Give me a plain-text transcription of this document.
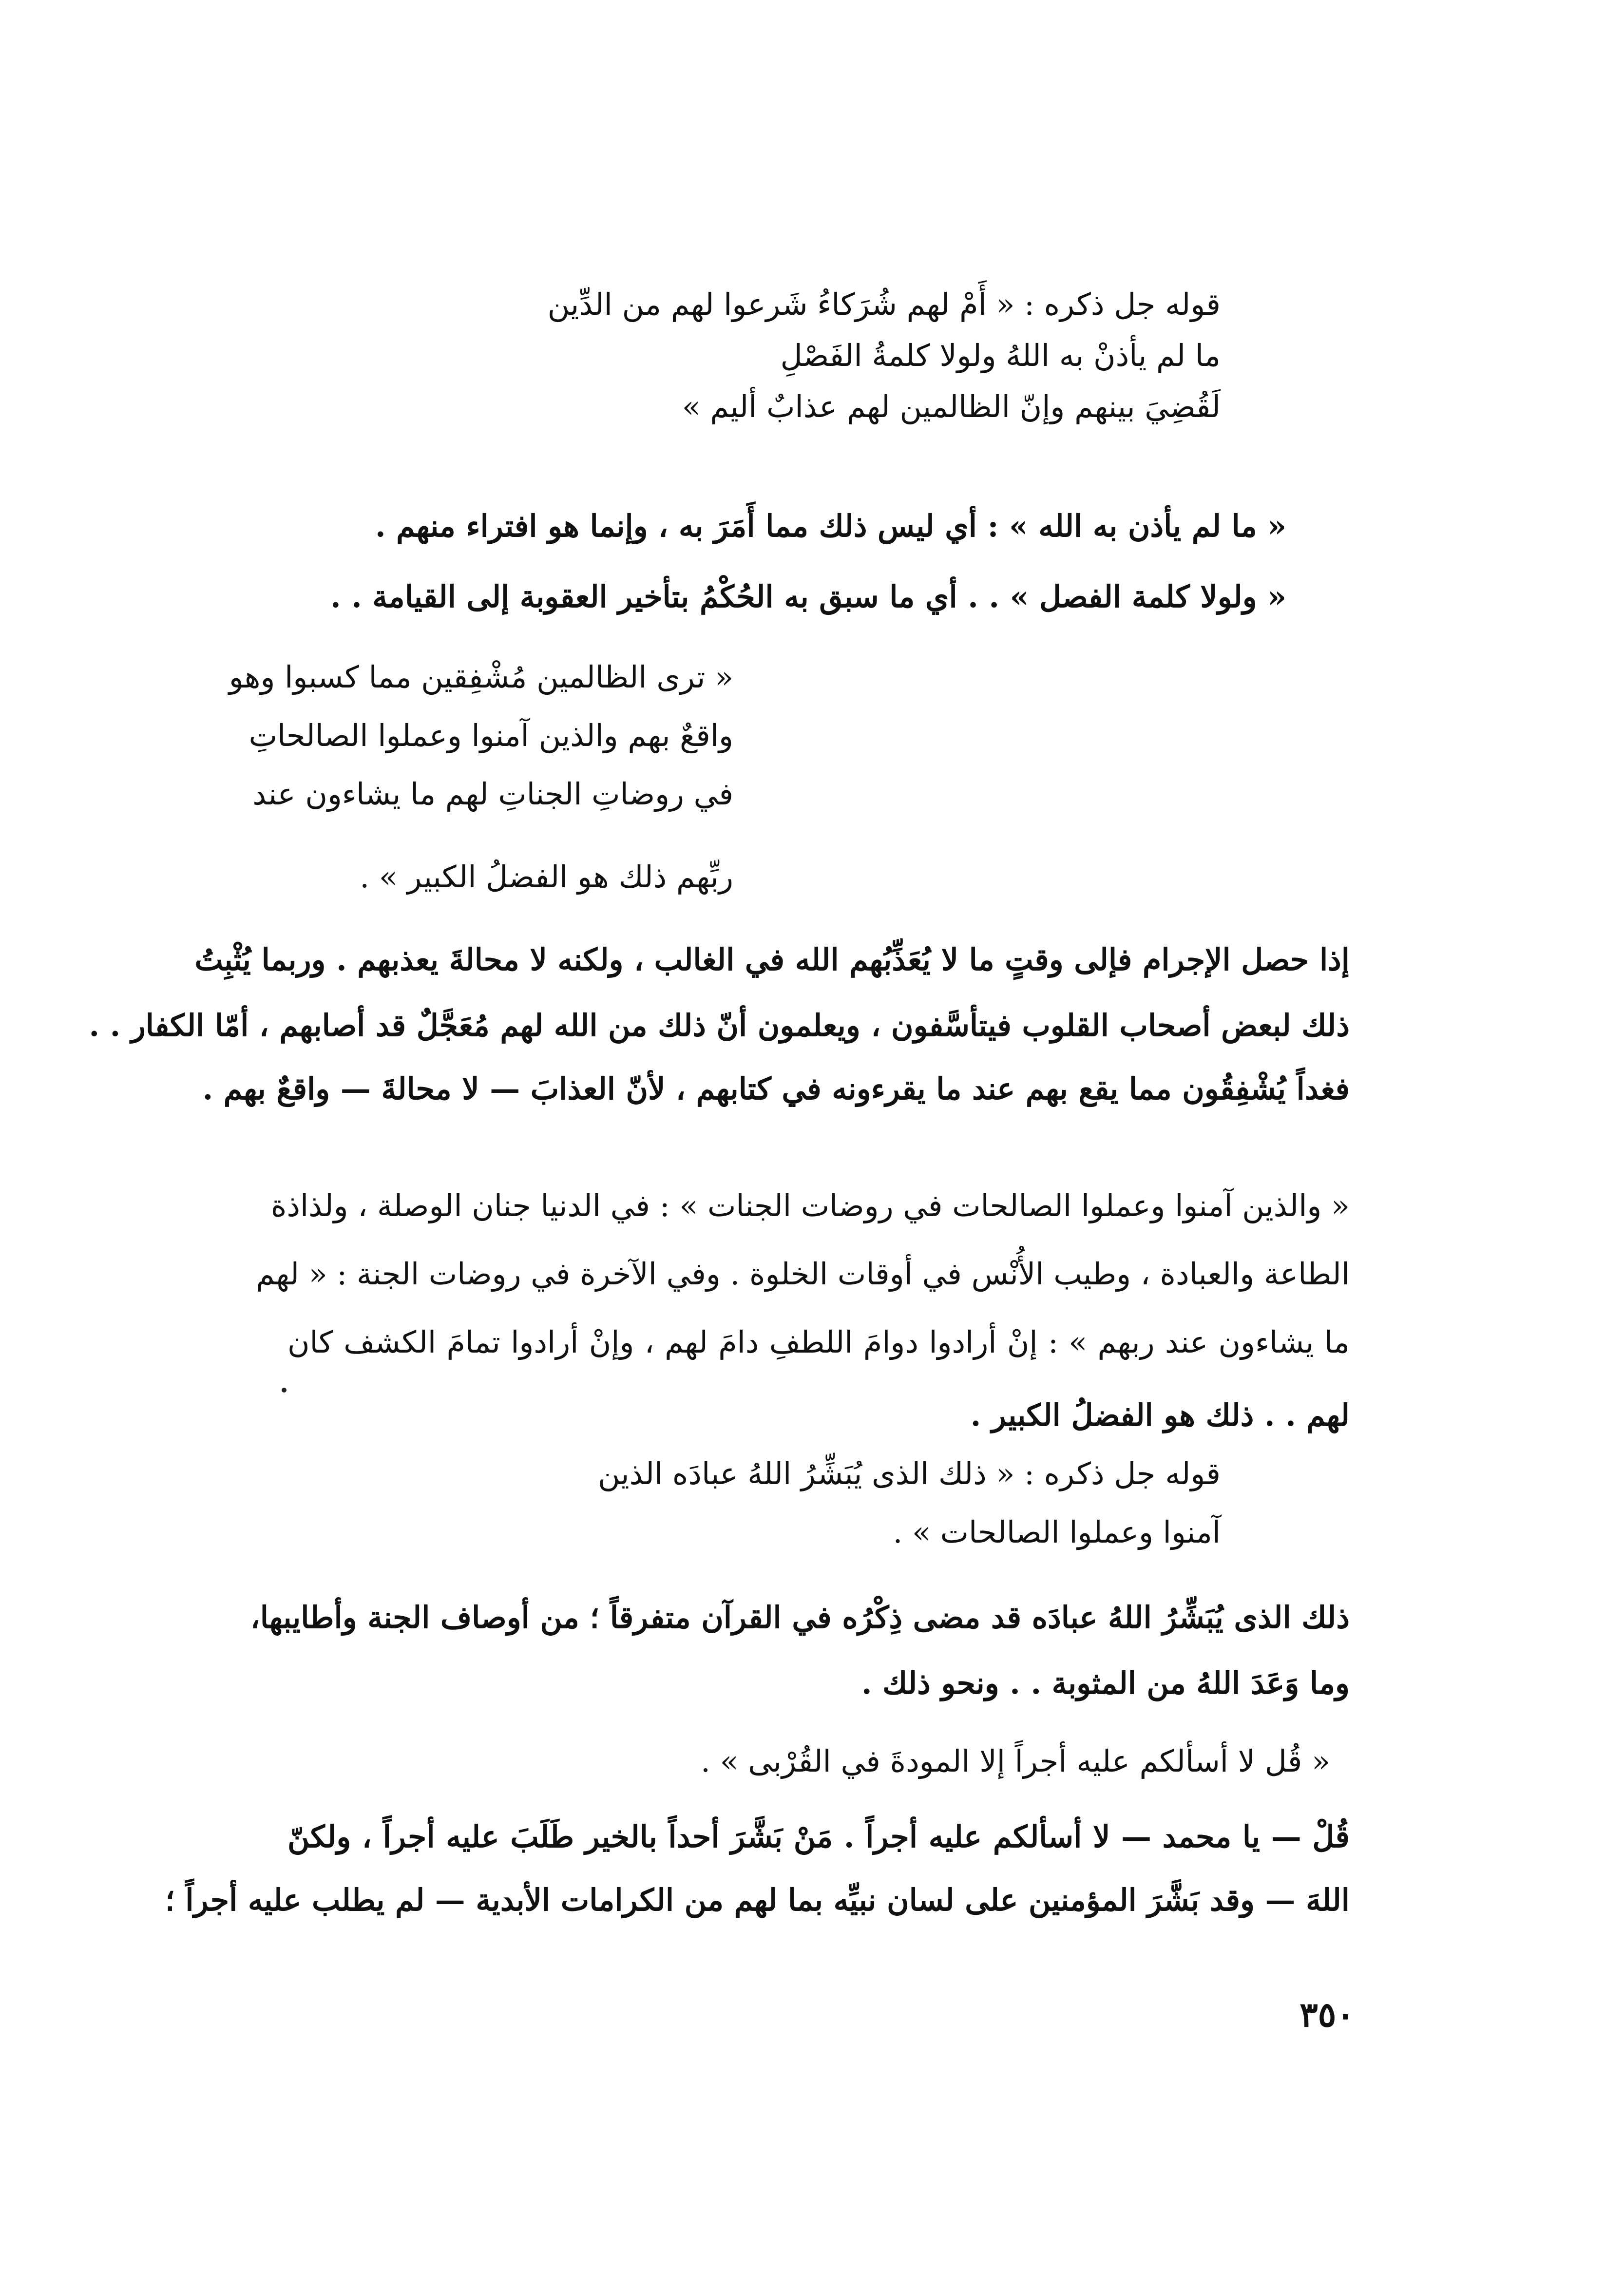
قوله جل ذكره : « أَمْ لهم شُرَكاءُ شَرعوا لهم من الدِّين
ما لم يأذنْ به اللهُ ولولا كلمةُ الفَصْلِ
لَقُضِيَ بينهم وإنّ الظالمين لهم عذابٌ أليم »
« ما لم يأذن به الله » : أي ليس ذلك مما أَمَرَ به ، وإنما هو افتراء منهم .
« ولولا كلمة الفصل » . . أي ما سبق به الحُكْمُ بتأخير العقوبة إلى القيامة . .
« ترى الظالمين مُشْفِقين مما كسبوا وهو
واقعٌ بهم والذين آمنوا وعملوا الصالحاتِ
في روضاتِ الجناتِ لهم ما يشاءون عند
ربِّهم ذلك هو الفضلُ الكبير » .
إذا حصل الإجرام فإلى وقتٍ ما لا يُعَذِّبُهم الله في الغالب ، ولكنه لا محالةَ يعذبهم . وربما يُثْبِتُ
ذلك لبعض أصحاب القلوب فيتأسَّفون ، ويعلمون أنّ ذلك من الله لهم مُعَجَّلٌ قد أصابهم ، أمّا الكفار . .
فغداً يُشْفِقُون مما يقع بهم عند ما يقرءونه في كتابهم ، لأنّ العذابَ — لا محالةَ — واقعٌ بهم .
« والذين آمنوا وعملوا الصالحات في روضات الجنات » : في الدنيا جنان الوصلة ، ولذاذة
الطاعة والعبادة ، وطيب الأُنْس في أوقات الخلوة . وفي الآخرة في روضات الجنة : « لهم
ما يشاءون عند ربهم » : إنْ أرادوا دوامَ اللطفِ دامَ لهم ، وإنْ أرادوا تمامَ الكشف كان
لهم . . ذلك هو الفضلُ الكبير .
قوله جل ذكره : « ذلك الذى يُبَشِّرُ اللهُ عبادَه الذين
آمنوا وعملوا الصالحات » .
ذلك الذى يُبَشِّرُ اللهُ عبادَه قد مضى ذِكْرُه في القرآن متفرقاً ؛ من أوصاف الجنة وأطايبها،
وما وَعَدَ اللهُ من المثوبة . . ونحو ذلك .
« قُل لا أسألكم عليه أجراً إلا المودةَ في القُرْبى » .
قُلْ — يا محمد — لا أسألكم عليه أجراً . مَنْ بَشَّرَ أحداً بالخير طَلَبَ عليه أجراً ، ولكنّ
اللهَ — وقد بَشَّرَ المؤمنين على لسان نبيِّه بما لهم من الكرامات الأبدية — لم يطلب عليه أجراً ؛
٣٥٠
